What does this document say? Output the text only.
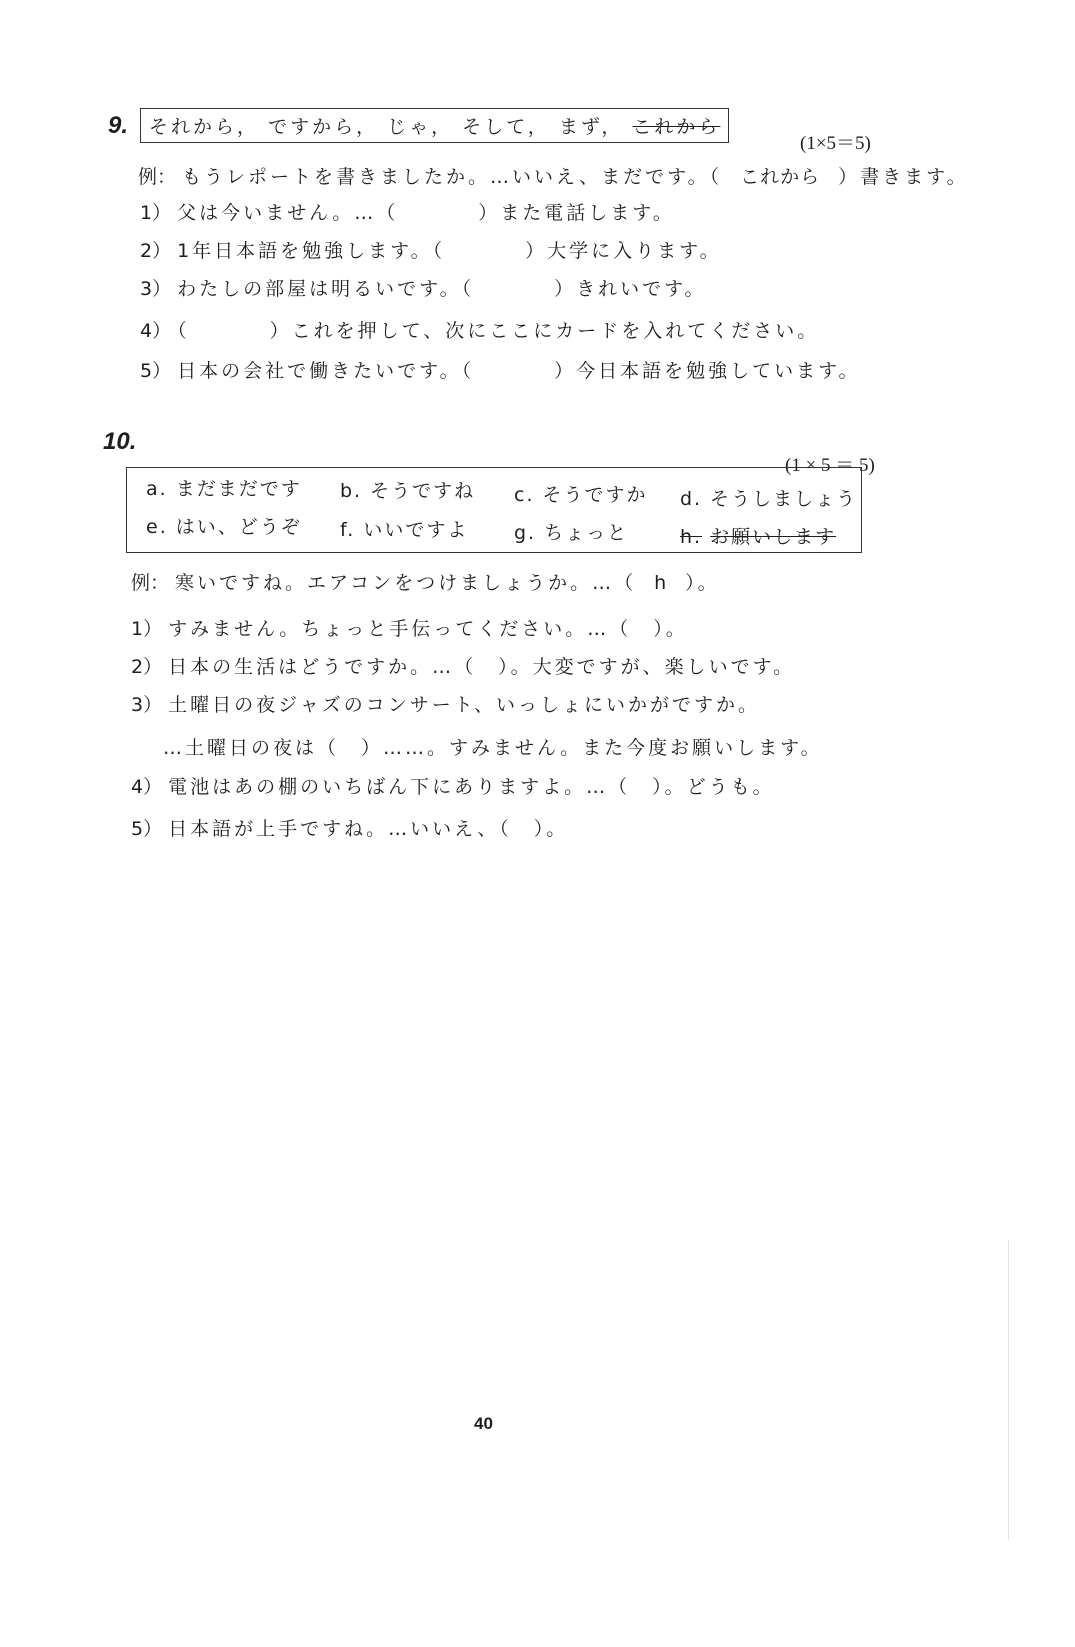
9.	それから， ですから， じゃ， そして， まず， これから
(1×5＝5)
例： もうレポートを書きましたか。…いいえ、まだです。（ これから ）書きます。
1） 父は今いません。…（	）また電話します。
2） 1年日本語を勉強します。（	）大学に入ります。
3） わたしの部屋は明るいです。（	）きれいです。
4） （	）これを押して、次にここにカードを入れてください。
5） 日本の会社で働きたいです。（	）今日本語を勉強しています。
10.
(1 × 5 ＝ 5)
a. まだまだです b. そうですね c. そうですか d. そうしましょう
e. はい、どうぞ f. いいですよ g. ちょっと	h. お願いします
例： 寒いですね。エアコンをつけましょうか。…（ h ）。
1） すみません。ちょっと手伝ってください。…（ ）。
2） 日本の生活はどうですか。…（ ）。大変ですが、楽しいです。
3） 土曜日の夜ジャズのコンサート、いっしょにいかがですか。
…土曜日の夜は（ ）……。すみません。また今度お願いします。
4） 電池はあの棚のいちばん下にありますよ。…（ ）。どうも。
5） 日本語が上手ですね。…いいえ、（ ）。
40
